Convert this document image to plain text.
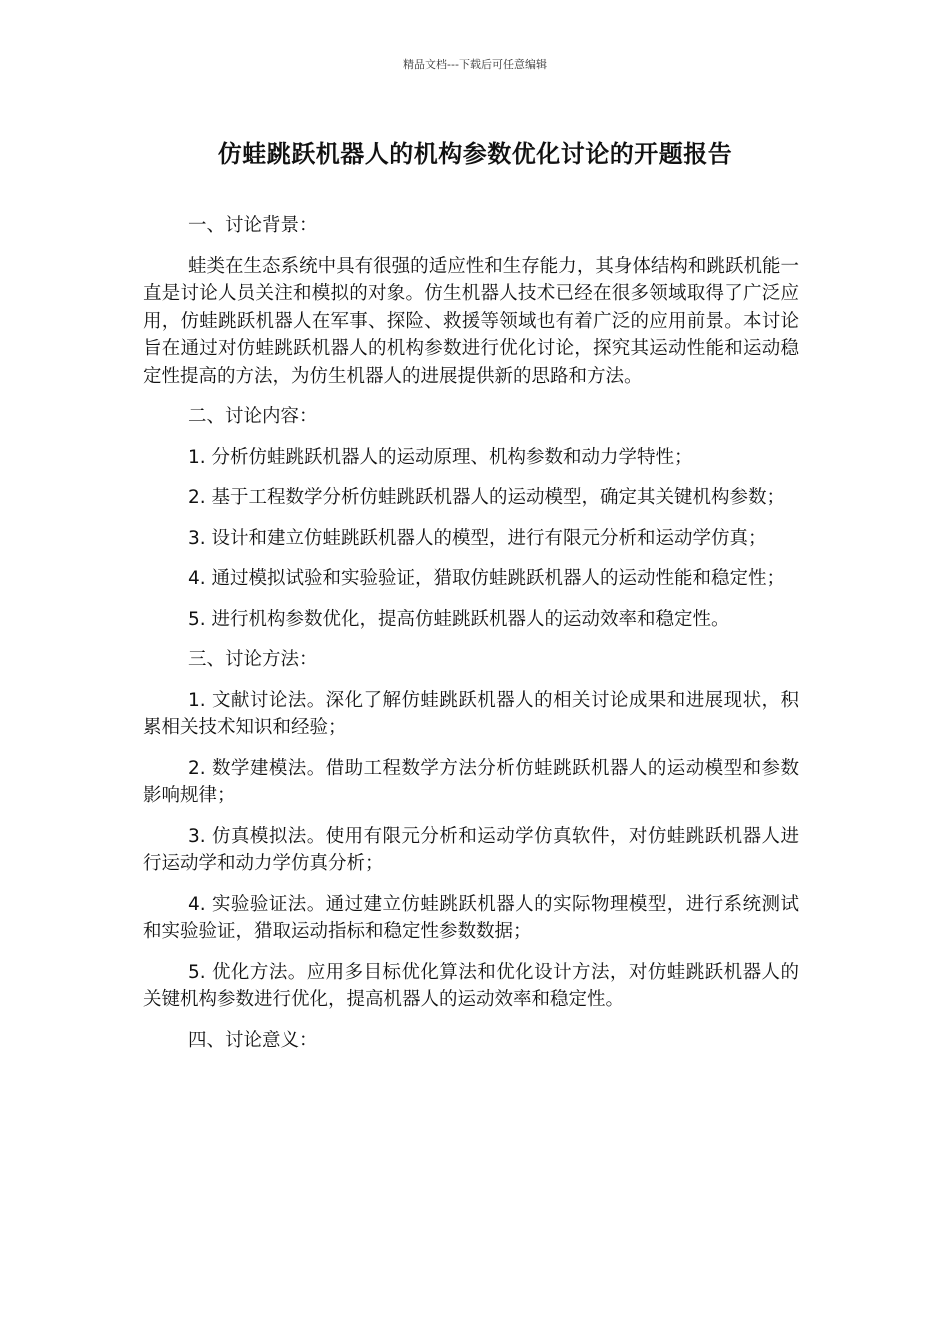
精品文档---下载后可任意编辑
仿蛙跳跃机器人的机构参数优化讨论的开题报告

一、讨论背景：

蛙类在生态系统中具有很强的适应性和生存能力，其身体结构和跳跃机能一直是讨论人员关注和模拟的对象。仿生机器人技术已经在很多领域取得了广泛应用，仿蛙跳跃机器人在军事、探险、救援等领域也有着广泛的应用前景。本讨论旨在通过对仿蛙跳跃机器人的机构参数进行优化讨论，探究其运动性能和运动稳定性提高的方法，为仿生机器人的进展提供新的思路和方法。

二、讨论内容：

1. 分析仿蛙跳跃机器人的运动原理、机构参数和动力学特性；

2. 基于工程数学分析仿蛙跳跃机器人的运动模型，确定其关键机构参数；

3. 设计和建立仿蛙跳跃机器人的模型，进行有限元分析和运动学仿真；

4. 通过模拟试验和实验验证，猎取仿蛙跳跃机器人的运动性能和稳定性；

5. 进行机构参数优化，提高仿蛙跳跃机器人的运动效率和稳定性。

三、讨论方法：

1. 文献讨论法。深化了解仿蛙跳跃机器人的相关讨论成果和进展现状，积累相关技术知识和经验；

2. 数学建模法。借助工程数学方法分析仿蛙跳跃机器人的运动模型和参数影响规律；

3. 仿真模拟法。使用有限元分析和运动学仿真软件，对仿蛙跳跃机器人进行运动学和动力学仿真分析；

4. 实验验证法。通过建立仿蛙跳跃机器人的实际物理模型，进行系统测试和实验验证，猎取运动指标和稳定性参数数据；

5. 优化方法。应用多目标优化算法和优化设计方法，对仿蛙跳跃机器人的关键机构参数进行优化，提高机器人的运动效率和稳定性。

四、讨论意义：
